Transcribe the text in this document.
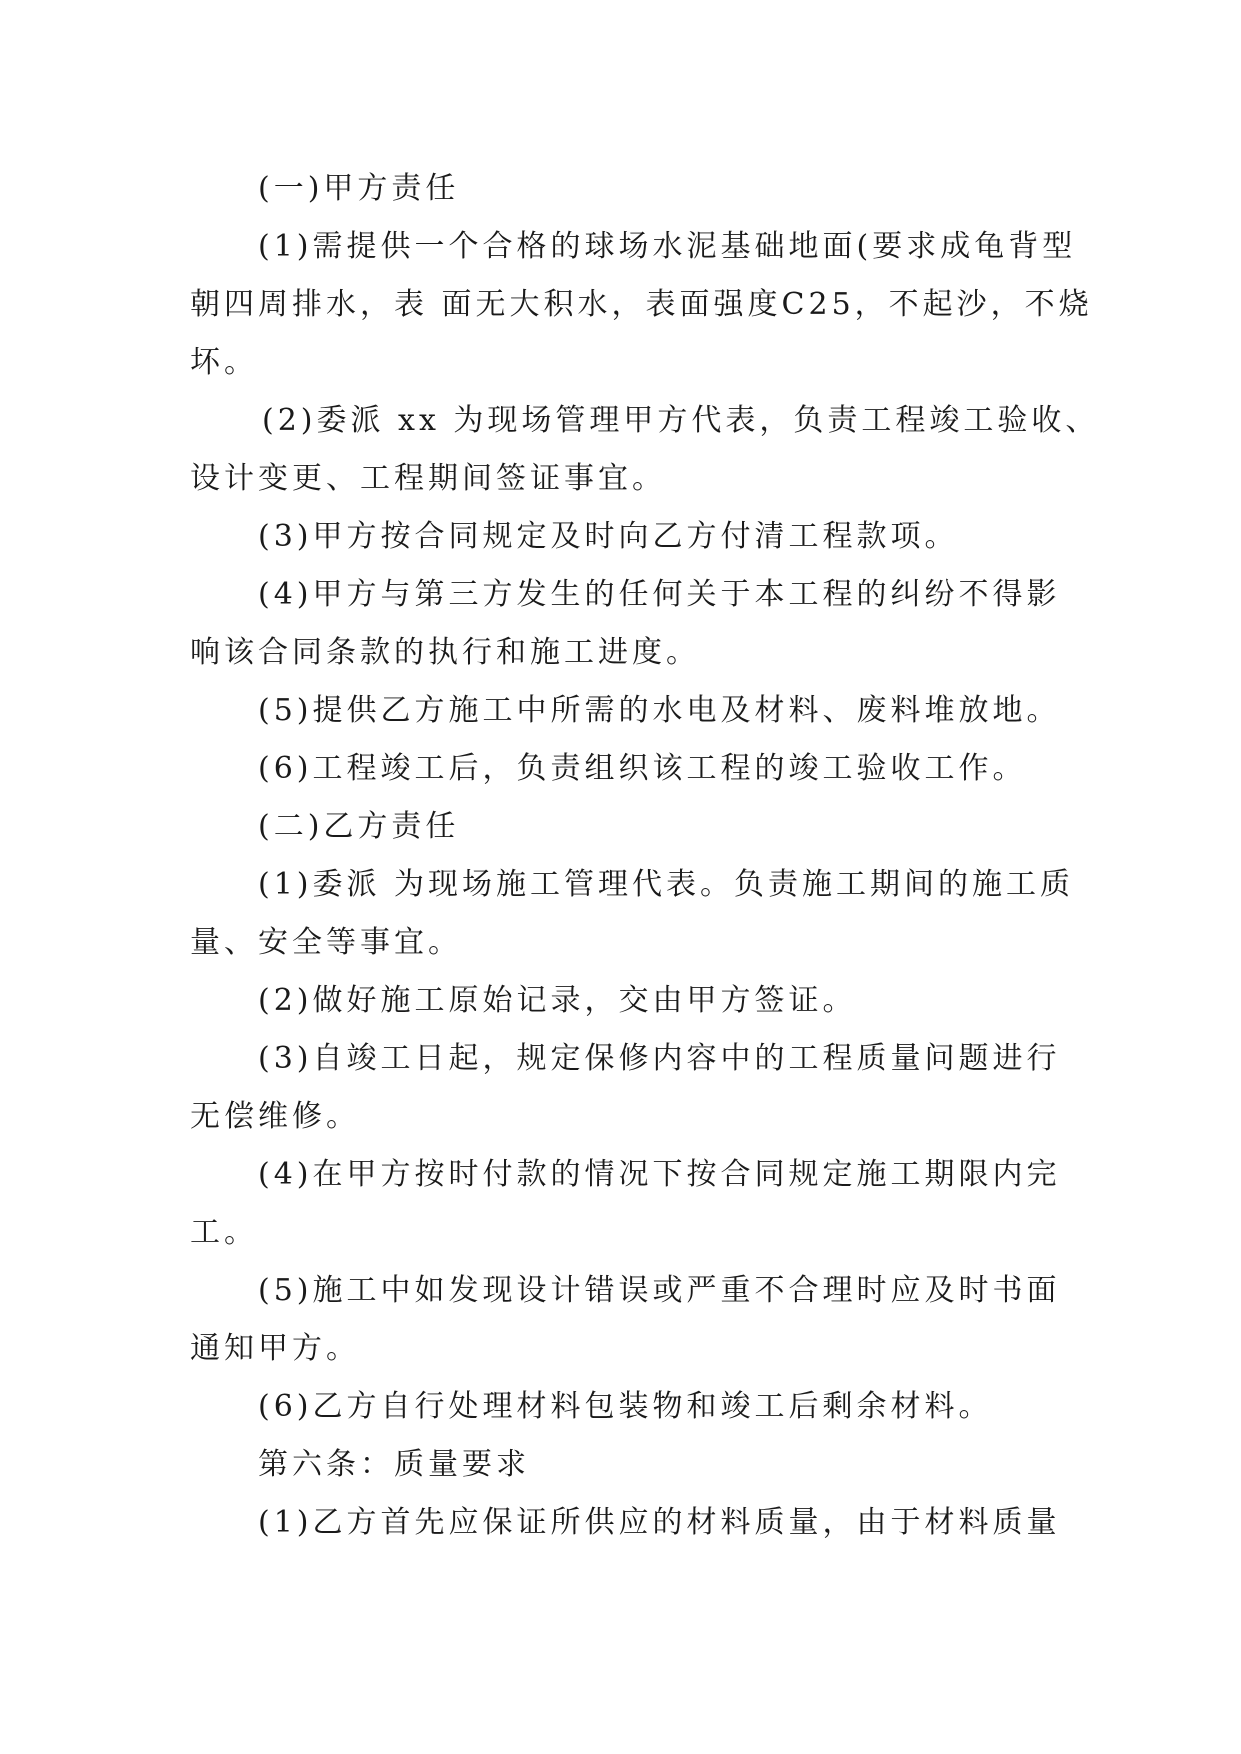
(一)甲方责任

(1)需提供一个合格的球场水泥基础地面(要求成龟背型

朝四周排水，表 面无大积水，表面强度C25，不起沙，不烧

坏。

(2)委派 xx 为现场管理甲方代表，负责工程竣工验收、

设计变更、工程期间签证事宜。

(3)甲方按合同规定及时向乙方付清工程款项。

(4)甲方与第三方发生的任何关于本工程的纠纷不得影

响该合同条款的执行和施工进度。

(5)提供乙方施工中所需的水电及材料、废料堆放地。

(6)工程竣工后，负责组织该工程的竣工验收工作。

(二)乙方责任

(1)委派 为现场施工管理代表。负责施工期间的施工质

量、安全等事宜。

(2)做好施工原始记录，交由甲方签证。

(3)自竣工日起，规定保修内容中的工程质量问题进行

无偿维修。

(4)在甲方按时付款的情况下按合同规定施工期限内完

工。

(5)施工中如发现设计错误或严重不合理时应及时书面

通知甲方。

(6)乙方自行处理材料包装物和竣工后剩余材料。

第六条：质量要求

(1)乙方首先应保证所供应的材料质量，由于材料质量
